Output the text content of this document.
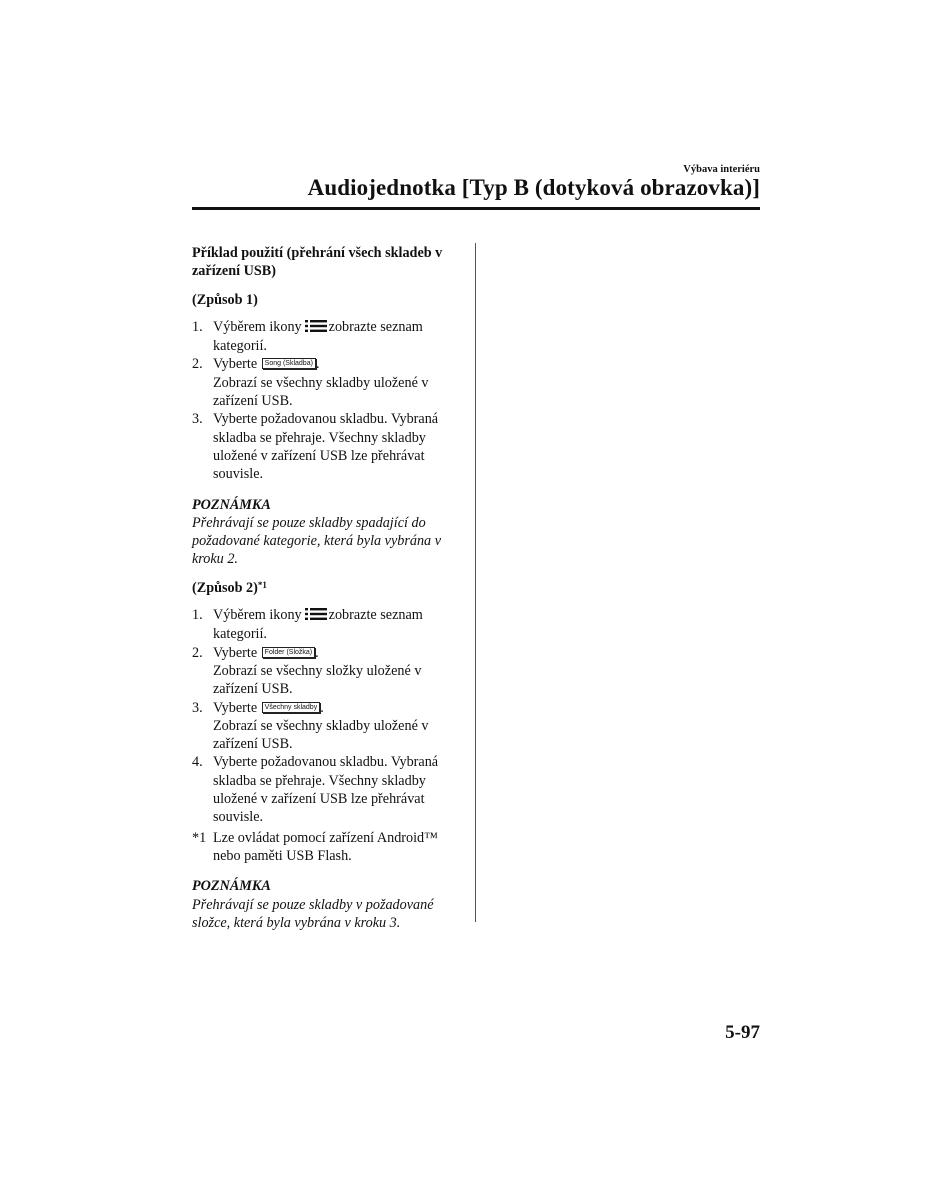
Výbava interiéru
Audiojednotka [Typ B (dotyková obrazovka)]
Příklad použití (přehrání všech skladeb v zařízení USB)
(Způsob 1)
1. Výběrem ikony zobrazte seznam kategorií.
2. Vyberte Song (Skladba) .
Zobrazí se všechny skladby uložené v zařízení USB.
3. Vyberte požadovanou skladbu. Vybraná skladba se přehraje. Všechny skladby uložené v zařízení USB lze přehrávat souvisle.
POZNÁMKA
Přehrávají se pouze skladby spadající do požadované kategorie, která byla vybrána v kroku 2.
(Způsob 2)$^{*1}$
1. Výběrem ikony zobrazte seznam kategorií.
2. Vyberte Folder (Složka) .
Zobrazí se všechny složky uložené v zařízení USB.
3. Vyberte Všechny skladby .
Zobrazí se všechny skladby uložené v zařízení USB.
4. Vyberte požadovanou skladbu. Vybraná skladba se přehraje. Všechny skladby uložené v zařízení USB lze přehrávat souvisle.
*1 Lze ovládat pomocí zařízení Android™ nebo paměti USB Flash.
POZNÁMKA
Přehrávají se pouze skladby v požadované složce, která byla vybrána v kroku 3.
5-97
